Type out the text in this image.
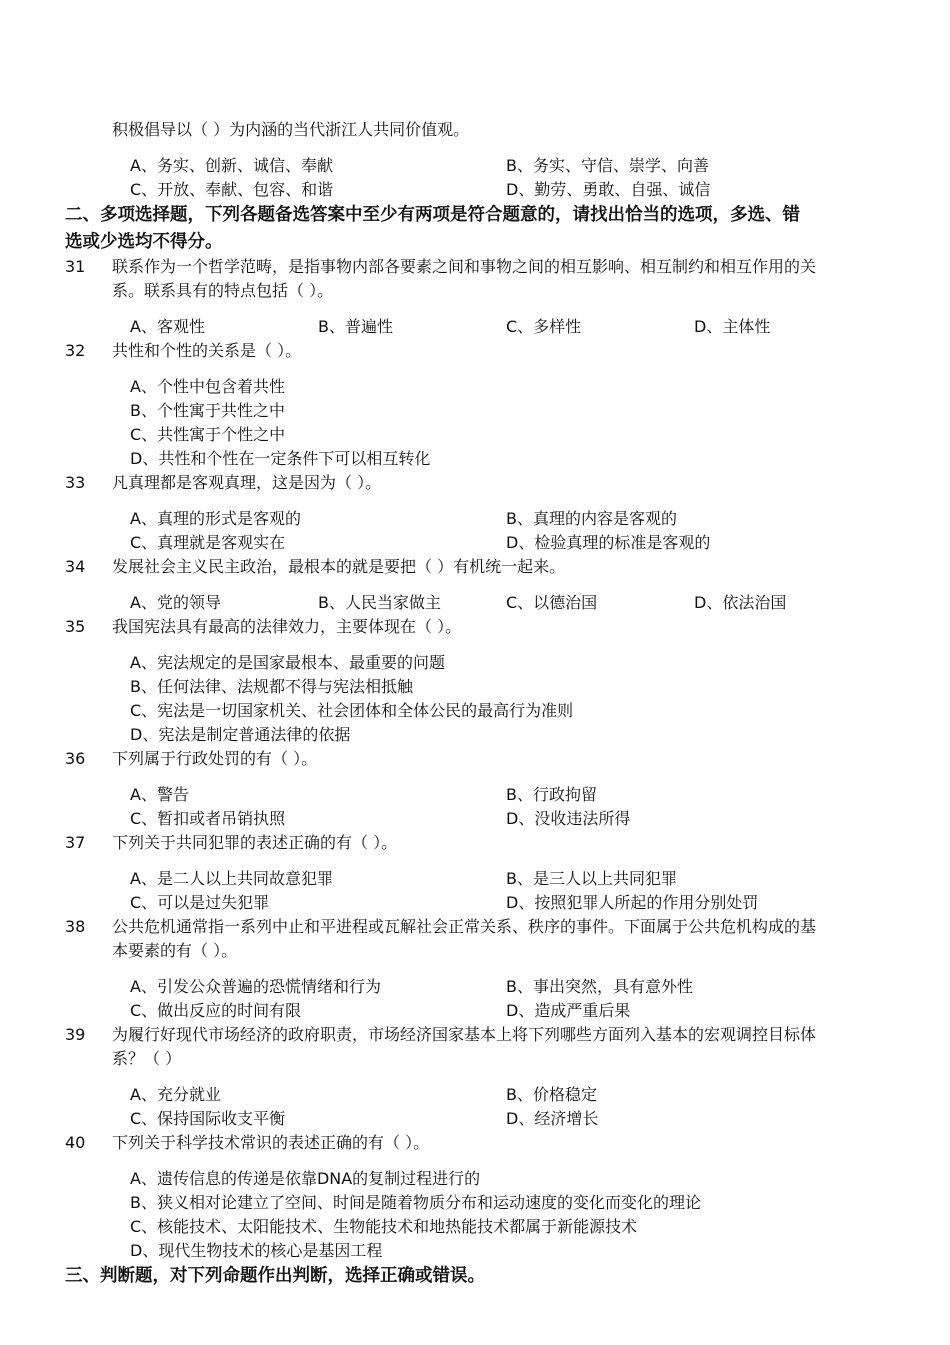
积极倡导以（ ）为内涵的当代浙江人共同价值观。
A、务实、创新、诚信、奉献	B、务实、守信、崇学、向善
C、开放、奉献、包容、和谐	D、勤劳、勇敢、自强、诚信
二、多项选择题，下列各题备选答案中至少有两项是符合题意的，请找出恰当的选项，多选、错
选或少选均不得分。
31 联系作为一个哲学范畴，是指事物内部各要素之间和事物之间的相互影响、相互制约和相互作用的关
系。联系具有的特点包括（ ）。
A、客观性	B、普遍性	C、多样性	D、主体性
32 共性和个性的关系是（ ）。
A、个性中包含着共性
B、个性寓于共性之中
C、共性寓于个性之中
D、共性和个性在一定条件下可以相互转化
33 凡真理都是客观真理，这是因为（ ）。
A、真理的形式是客观的	B、真理的内容是客观的
C、真理就是客观实在	D、检验真理的标准是客观的
34 发展社会主义民主政治，最根本的就是要把（ ）有机统一起来。
A、党的领导	B、人民当家做主	C、以德治国	D、依法治国
35 我国宪法具有最高的法律效力，主要体现在（ ）。
A、宪法规定的是国家最根本、最重要的问题
B、任何法律、法规都不得与宪法相抵触
C、宪法是一切国家机关、社会团体和全体公民的最高行为准则
D、宪法是制定普通法律的依据
36 下列属于行政处罚的有（ ）。
A、警告	B、行政拘留
C、暂扣或者吊销执照	D、没收违法所得
37 下列关于共同犯罪的表述正确的有（ ）。
A、是二人以上共同故意犯罪	B、是三人以上共同犯罪
C、可以是过失犯罪	D、按照犯罪人所起的作用分别处罚
38 公共危机通常指一系列中止和平进程或瓦解社会正常关系、秩序的事件。下面属于公共危机构成的基
本要素的有（ ）。
A、引发公众普遍的恐慌情绪和行为	B、事出突然，具有意外性
C、做出反应的时间有限	D、造成严重后果
39 为履行好现代市场经济的政府职责，市场经济国家基本上将下列哪些方面列入基本的宏观调控目标体
系？（ ）
A、充分就业	B、价格稳定
C、保持国际收支平衡	D、经济增长
40 下列关于科学技术常识的表述正确的有（ ）。
A、遗传信息的传递是依靠DNA的复制过程进行的
B、狭义相对论建立了空间、时间是随着物质分布和运动速度的变化而变化的理论
C、核能技术、太阳能技术、生物能技术和地热能技术都属于新能源技术
D、现代生物技术的核心是基因工程
三、判断题，对下列命题作出判断，选择正确或错误。
